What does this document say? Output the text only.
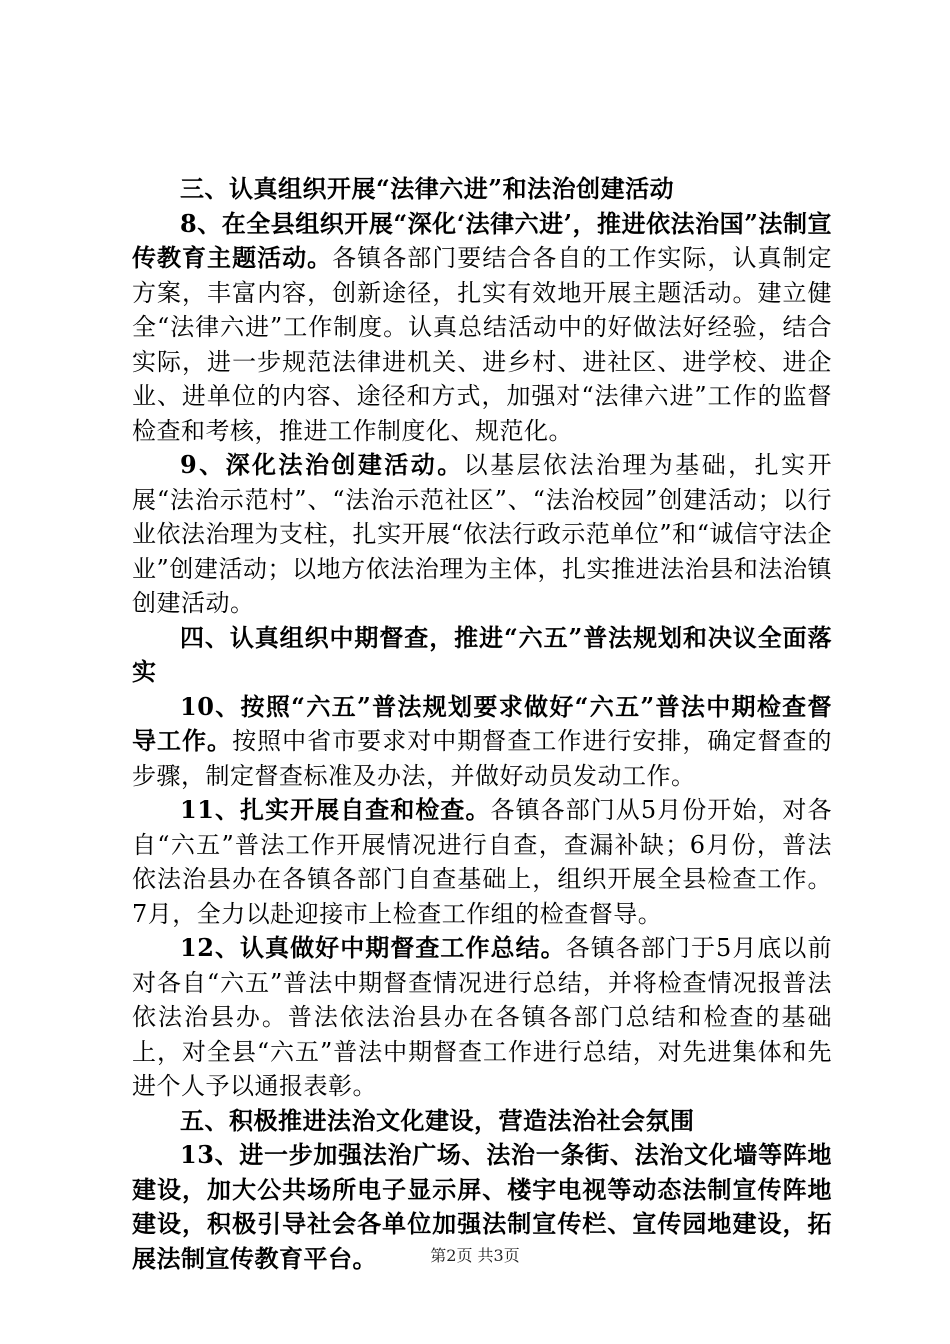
三、认真组织开展“法律六进”和法治创建活动

8、在全县组织开展“深化‘法律六进’，推进依法治国”法制宣传教育主题活动。各镇各部门要结合各自的工作实际，认真制定方案，丰富内容，创新途径，扎实有效地开展主题活动。建立健全“法律六进”工作制度。认真总结活动中的好做法好经验，结合实际，进一步规范法律进机关、进乡村、进社区、进学校、进企业、进单位的内容、途径和方式，加强对“法律六进”工作的监督检查和考核，推进工作制度化、规范化。

9、深化法治创建活动。以基层依法治理为基础，扎实开展“法治示范村”、“法治示范社区”、“法治校园”创建活动；以行业依法治理为支柱，扎实开展“依法行政示范单位”和“诚信守法企业”创建活动；以地方依法治理为主体，扎实推进法治县和法治镇创建活动。

四、认真组织中期督查，推进“六五”普法规划和决议全面落实

10、按照“六五”普法规划要求做好“六五”普法中期检查督导工作。按照中省市要求对中期督查工作进行安排，确定督查的步骤，制定督查标准及办法，并做好动员发动工作。

11、扎实开展自查和检查。各镇各部门从5月份开始，对各自“六五”普法工作开展情况进行自查，查漏补缺；6月份，普法依法治县办在各镇各部门自查基础上，组织开展全县检查工作。7月，全力以赴迎接市上检查工作组的检查督导。

12、认真做好中期督查工作总结。各镇各部门于5月底以前对各自“六五”普法中期督查情况进行总结，并将检查情况报普法依法治县办。普法依法治县办在各镇各部门总结和检查的基础上，对全县“六五”普法中期督查工作进行总结，对先进集体和先进个人予以通报表彰。

五、积极推进法治文化建设，营造法治社会氛围

13、进一步加强法治广场、法治一条街、法治文化墙等阵地建设，加大公共场所电子显示屏、楼宇电视等动态法制宣传阵地建设，积极引导社会各单位加强法制宣传栏、宣传园地建设，拓展法制宣传教育平台。	第2页 共3页
